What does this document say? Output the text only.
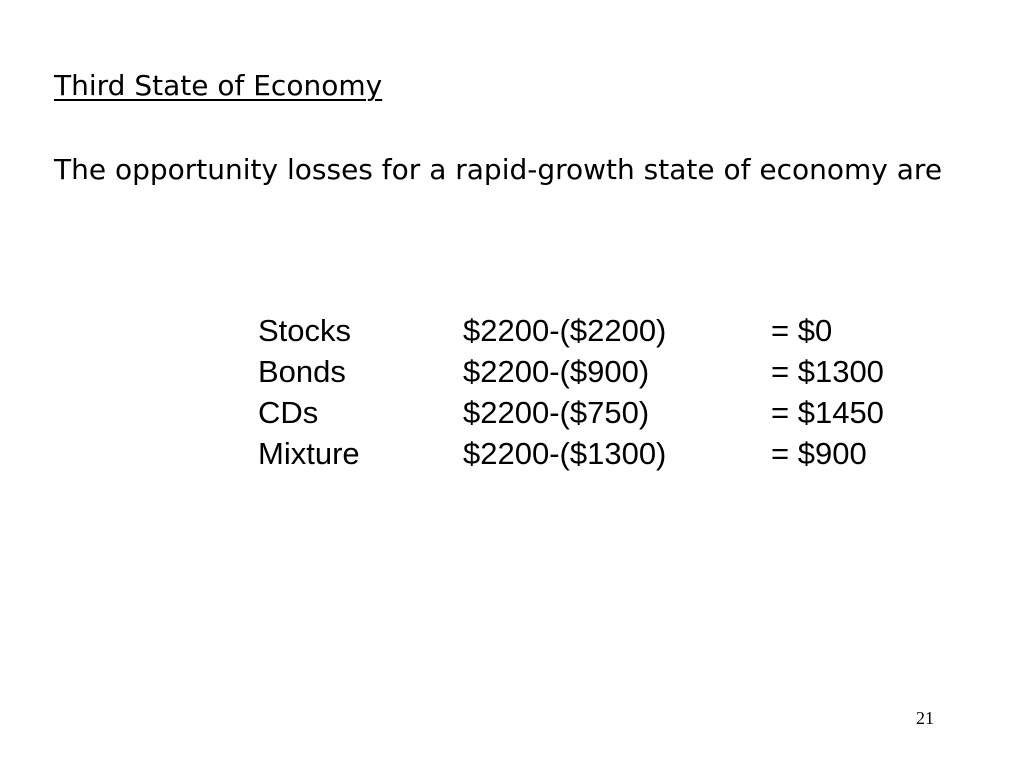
Third State of Economy

The opportunity losses for a rapid-growth state of economy are

Stocks	$2200-($2200)	= $0
Bonds	$2200-($900)	= $1300
CDs	$2200-($750)	= $1450
Mixture	$2200-($1300)	= $900
21
